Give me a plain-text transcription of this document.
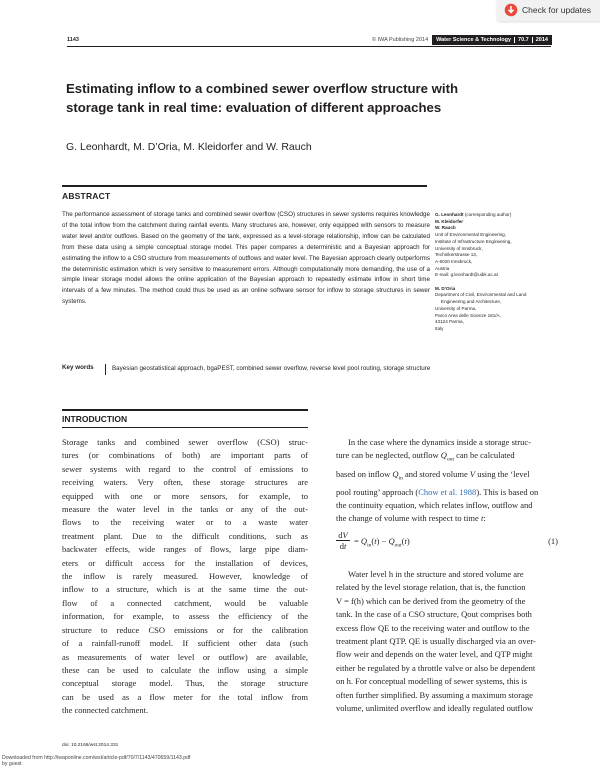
Check for updates
1143	© IWA Publishing 2014	Water Science & Technology 70.7 2014
Estimating inflow to a combined sewer overflow structure with storage tank in real time: evaluation of different approaches
G. Leonhardt, M. D’Oria, M. Kleidorfer and W. Rauch
ABSTRACT
The performance assessment of storage tanks and combined sewer overflow (CSO) structures in sewer systems requires knowledge of the total inflow from the catchment during rainfall events. Many structures are, however, only equipped with sensors to measure water level and/or outflows. Based on the geometry of the tank, expressed as a level-storage relationship, inflow can be calculated from these data using a simple conceptual storage model. This paper compares a deterministic and a Bayesian approach for estimating the inflow to a CSO structure from measurements of outflows and water level. The Bayesian approach clearly outperforms the deterministic estimation which is very sensitive to measurement errors. Although computationally more demanding, the use of a simple linear storage model allows the online application of the Bayesian approach to repeatedly estimate inflow in short time intervals of a few minutes. The method could thus be used as an online software sensor for inflow to storage structures in sewer systems.
Key words	Bayesian geostatistical approach, bgaPEST, combined sewer overflow, reverse level pool routing, storage structure
G. Leonhardt (corresponding author)
M. Kleidorfer
W. Rauch
Unit of Environmental Engineering,
Institute of Infrastructure Engineering,
University of Innsbruck,
Technikerstrasse 13,
A-6020 Innsbruck,
Austria
E-mail: g.leonhardt@uibk.ac.at
M. D’Oria
Department of Civil, Environmental and Land
Engineering and Architecture,
University of Parma,
Parco Area delle Scienze 181/A,
43124 Parma,
Italy
INTRODUCTION
Storage tanks and combined sewer overflow (CSO) struc-
tures (or combinations of both) are important parts of
sewer systems with regard to the control of emissions to
receiving waters. Very often, these storage structures are
equipped with one or more sensors, for example, to
measure the water level in the tanks or any of the out-
flows to the receiving water or to a waste water
treatment plant. Due to the difficult conditions, such as
backwater effects, wide ranges of flows, large pipe diam-
eters or difficult access for the installation of devices,
the inflow is rarely measured. However, knowledge of
inflow to a structure, which is at the same time the out-
flow of a connected catchment, would be valuable
information, for example, to assess the efficiency of the
structure to reduce CSO emissions or for the calibration
of a rainfall-runoff model. If sufficient other data (such
as measurements of water level or outflow) are available,
these can be used to calculate the inflow using a simple
conceptual storage model. Thus, the storage structure
can be used as a flow meter for the total inflow from
the connected catchment.
In the case where the dynamics inside a storage struc-
ture can be neglected, outflow $Q_{out}$ can be calculated
based on inflow $Q_{in}$ and stored volume V using the ‘level
pool routing’ approach (Chow et al. 1988). This is based on
the continuity equation, which relates inflow, outflow and
the change of volume with respect to time t:
dV
dt = $Q_{in}(t) - Q_{out}(t)$	(1)
Water level h in the structure and stored volume are
related by the level storage relation, that is, the function
V = f(h) which can be derived from the geometry of the
tank. In the case of a CSO structure, Qout comprises both
excess flow QE to the receiving water and outflow to the
treatment plant QTP. QE is usually discharged via an over-
flow weir and depends on the water level, and QTP might
either be regulated by a throttle valve or also be dependent
on h. For conceptual modelling of sewer systems, this is
often further simplified. By assuming a maximum storage
volume, unlimited overflow and ideally regulated outflow
doi: 10.2166/wst.2014.331
Downloaded from http://iwaponline.com/wst/article-pdf/70/7/1143/470659/1143.pdf
by guest
